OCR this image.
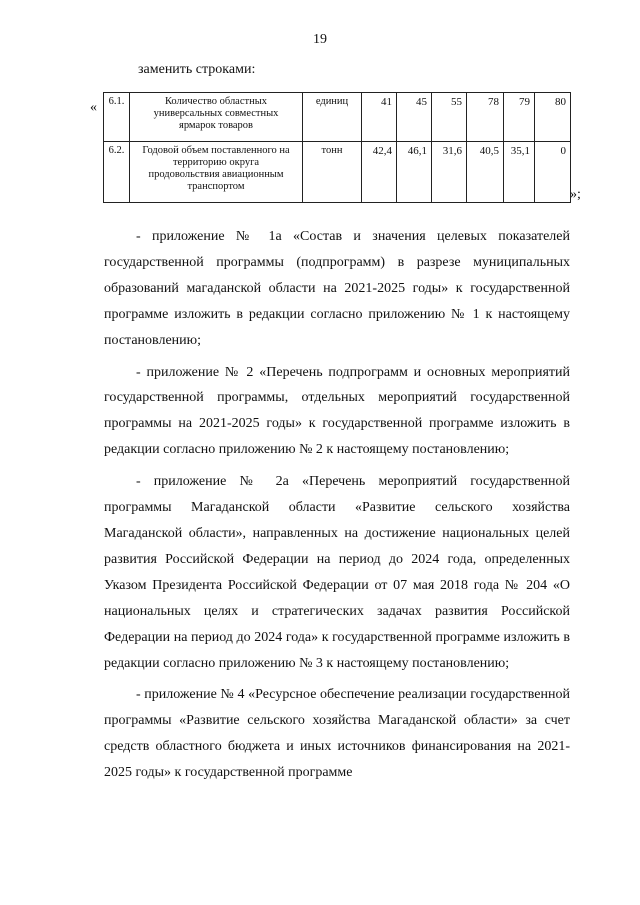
19
заменить строками:
« 6.1.	Количество областных универсальных совместных ярмарок товаров	единиц	41	45	55	78	79	80
6.2.	Годовой объем поставленного на территорию округа продовольствия авиационным транспортом	тонн	42,4	46,1	31,6	40,5	35,1	0
»;

- приложение № 1а «Состав и значения целевых показателей государственной программы (подпрограмм) в разрезе муниципальных образований магаданской области на 2021-2025 годы» к государственной программе изложить в редакции согласно приложению № 1 к настоящему постановлению;

- приложение № 2 «Перечень подпрограмм и основных мероприятий государственной программы, отдельных мероприятий государственной программы на 2021-2025 годы» к государственной программе изложить в редакции согласно приложению № 2 к настоящему постановлению;

- приложение № 2а «Перечень мероприятий государственной программы Магаданской области «Развитие сельского хозяйства Магаданской области», направленных на достижение национальных целей развития Российской Федерации на период до 2024 года, определенных Указом Президента Российской Федерации от 07 мая 2018 года № 204 «О национальных целях и стратегических задачах развития Российской Федерации на период до 2024 года» к государственной программе изложить в редакции согласно приложению № 3 к настоящему постановлению;

- приложение № 4 «Ресурсное обеспечение реализации государственной программы «Развитие сельского хозяйства Магаданской области» за счет средств областного бюджета и иных источников финансирования на 2021-2025 годы» к государственной программе
